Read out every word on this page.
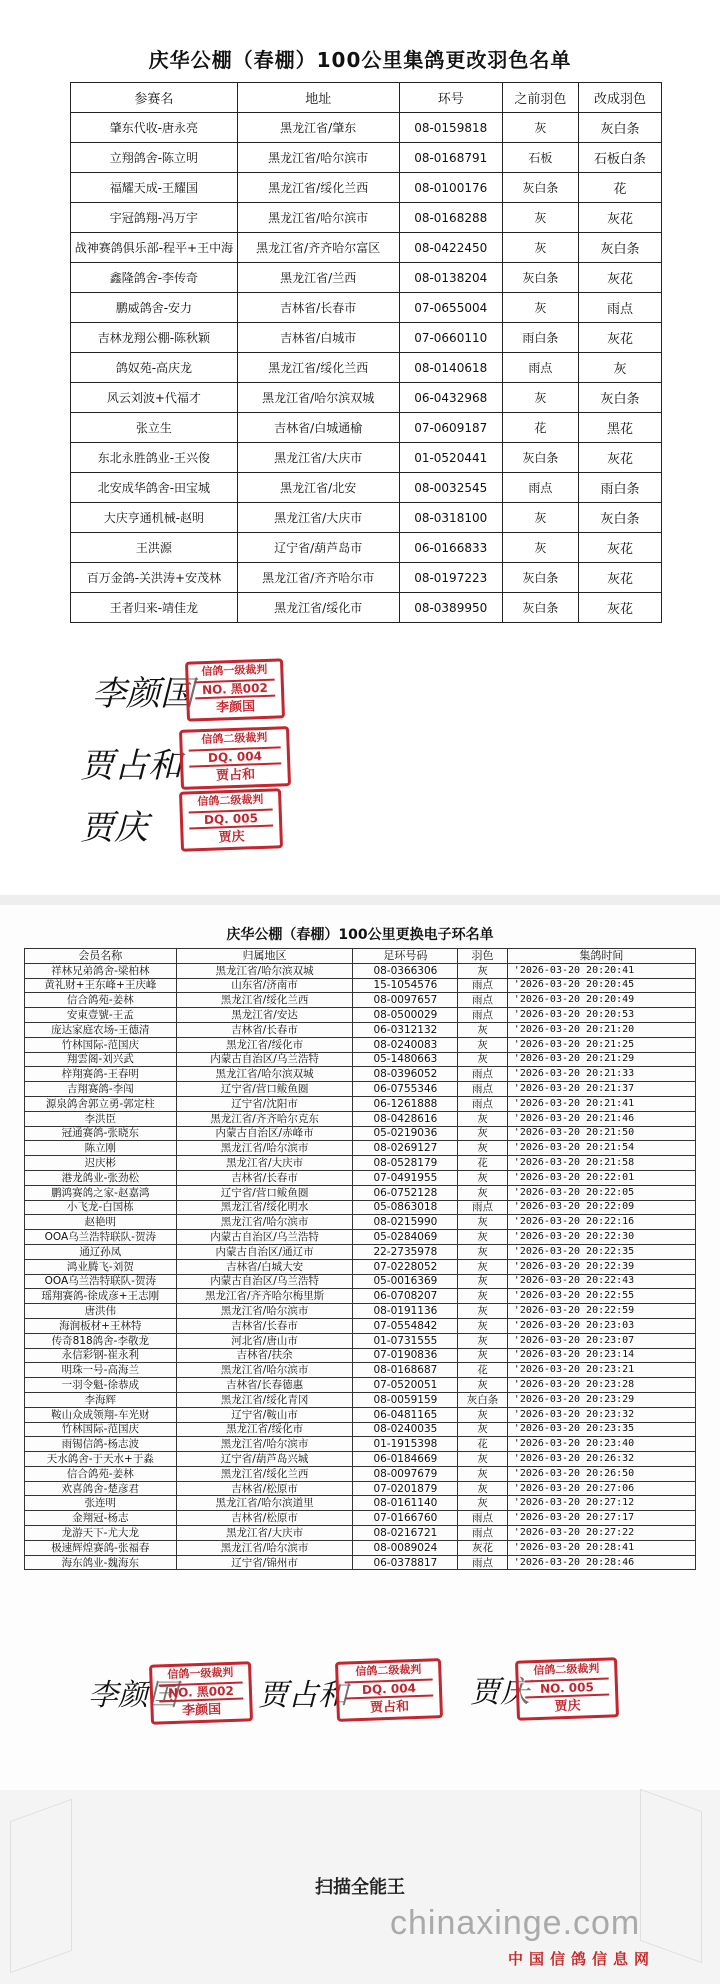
庆华公棚（春棚）100公里集鸽更改羽色名单
参赛名	地址	环号	之前羽色	改成羽色
肇东代收-唐永亮	黑龙江省/肇东	08-0159818	灰	灰白条
立翔鸽舍-陈立明	黑龙江省/哈尔滨市	08-0168791	石板	石板白条
福耀天成-王耀国	黑龙江省/绥化兰西	08-0100176	灰白条	花
宇冠鸽翔-冯万宇	黑龙江省/哈尔滨市	08-0168288	灰	灰花
战神赛鸽俱乐部-程平+王中海	黑龙江省/齐齐哈尔富区	08-0422450	灰	灰白条
鑫隆鸽舍-李传奇	黑龙江省/兰西	08-0138204	灰白条	灰花
鹏威鸽舍-安力	吉林省/长春市	07-0655004	灰	雨点
吉林龙翔公棚-陈秋颖	吉林省/白城市	07-0660110	雨白条	灰花
鸽奴苑-高庆龙	黑龙江省/绥化兰西	08-0140618	雨点	灰
风云刘波+代福才	黑龙江省/哈尔滨双城	06-0432968	灰	灰白条
张立生	吉林省/白城通榆	07-0609187	花	黑花
东北永胜鸽业-王兴俊	黑龙江省/大庆市	01-0520441	灰白条	灰花
北安成华鸽舍-田宝城	黑龙江省/北安	08-0032545	雨点	雨白条
大庆亨通机械-赵明	黑龙江省/大庆市	08-0318100	灰	灰白条
王洪源	辽宁省/葫芦岛市	06-0166833	灰	灰花
百万金鸽-关洪涛+安茂林	黑龙江省/齐齐哈尔市	08-0197223	灰白条	灰花
王者归来-靖佳龙	黑龙江省/绥化市	08-0389950	灰白条	灰花
李颜国
信鸽一级裁判
NO. 黑002
李颜国
贾占和
信鸽二级裁判
DQ. 004
贾占和
贾庆
信鸽二级裁判
DQ. 005
贾庆
庆华公棚（春棚）100公里更换电子环名单
会员名称	归属地区	足环号码	羽色	集鸽时间
祥林兄弟鸽舍-梁柏林	黑龙江省/哈尔滨双城	08-0366306	灰	'2026-03-20 20:20:41
黄礼财+王东峰+王庆峰	山东省/济南市	15-1054576	雨点	'2026-03-20 20:20:45
信合鸽苑-姜林	黑龙江省/绥化兰西	08-0097657	雨点	'2026-03-20 20:20:49
安東壹號-王孟	黑龙江省/安达	08-0500029	雨点	'2026-03-20 20:20:53
庞达家庭农场-王德清	吉林省/长春市	06-0312132	灰	'2026-03-20 20:21:20
竹林国际-范国庆	黑龙江省/绥化市	08-0240083	灰	'2026-03-20 20:21:25
翔雲阁-刘兴武	内蒙古自治区/乌兰浩特	05-1480663	灰	'2026-03-20 20:21:29
梓翔赛鸽-王春明	黑龙江省/哈尔滨双城	08-0396052	雨点	'2026-03-20 20:21:33
吉翔赛鸽-李闯	辽宁省/营口鲅鱼圈	06-0755346	雨点	'2026-03-20 20:21:37
源泉鸽舍郭立勇-郭定柱	辽宁省/沈阳市	06-1261888	雨点	'2026-03-20 20:21:41
李洪臣	黑龙江省/齐齐哈尔克东	08-0428616	灰	'2026-03-20 20:21:46
冠通赛鸽-张晓东	内蒙古自治区/赤峰市	05-0219036	灰	'2026-03-20 20:21:50
陈立刚	黑龙江省/哈尔滨市	08-0269127	灰	'2026-03-20 20:21:54
迟庆彬	黑龙江省/大庆市	08-0528179	花	'2026-03-20 20:21:58
港龙鸽业-张劲松	吉林省/长春市	07-0491955	灰	'2026-03-20 20:22:01
鹏鸿赛鸽之家-赵嘉鸿	辽宁省/营口鲅鱼圈	06-0752128	灰	'2026-03-20 20:22:05
小飞龙-白国栋	黑龙江省/绥化明水	05-0863018	雨点	'2026-03-20 20:22:09
赵艳明	黑龙江省/哈尔滨市	08-0215990	灰	'2026-03-20 20:22:16
OOA乌兰浩特联队-贺涛	内蒙古自治区/乌兰浩特	05-0284069	灰	'2026-03-20 20:22:30
通辽孙凤	内蒙古自治区/通辽市	22-2735978	灰	'2026-03-20 20:22:35
鸿业腾飞-刘贺	吉林省/白城大安	07-0228052	灰	'2026-03-20 20:22:39
OOA乌兰浩特联队-贺涛	内蒙古自治区/乌兰浩特	05-0016369	灰	'2026-03-20 20:22:43
瑶翔赛鸽-徐成彦+王志刚	黑龙江省/齐齐哈尔梅里斯	06-0708207	灰	'2026-03-20 20:22:55
唐洪伟	黑龙江省/哈尔滨市	08-0191136	灰	'2026-03-20 20:22:59
海润板材+王林特	吉林省/长春市	07-0554842	灰	'2026-03-20 20:23:03
传奇818鸽舍-李敬龙	河北省/唐山市	01-0731555	灰	'2026-03-20 20:23:07
永信彩钢-崔永利	吉林省/扶余	07-0190836	灰	'2026-03-20 20:23:14
明珠一号-高海兰	黑龙江省/哈尔滨市	08-0168687	花	'2026-03-20 20:23:21
一羽令魁-徐恭成	吉林省/长春德惠	07-0520051	灰	'2026-03-20 20:23:28
李海辉	黑龙江省/绥化青冈	08-0059159	灰白条	'2026-03-20 20:23:29
鞍山众成领翔-车光财	辽宁省/鞍山市	06-0481165	灰	'2026-03-20 20:23:32
竹林国际-范国庆	黑龙江省/绥化市	08-0240035	灰	'2026-03-20 20:23:35
雨锡信鸽-杨志波	黑龙江省/哈尔滨市	01-1915398	花	'2026-03-20 20:23:40
天水鸽舍-于天水+于淼	辽宁省/葫芦岛兴城	06-0184669	灰	'2026-03-20 20:26:32
信合鸽苑-姜林	黑龙江省/绥化兰西	08-0097679	灰	'2026-03-20 20:26:50
欢喜鸽舍-楚彦君	吉林省/松原市	07-0201879	灰	'2026-03-20 20:27:06
张连明	黑龙江省/哈尔滨道里	08-0161140	灰	'2026-03-20 20:27:12
金翔冠-杨志	吉林省/松原市	07-0166760	雨点	'2026-03-20 20:27:17
龙游天下-尤大龙	黑龙江省/大庆市	08-0216721	雨点	'2026-03-20 20:27:22
极速辉煌赛鸽-张福春	黑龙江省/哈尔滨市	08-0089024	灰花	'2026-03-20 20:28:41
海东鸽业-魏海东	辽宁省/锦州市	06-0378817	雨点	'2026-03-20 20:28:46
李颜国
信鸽一级裁判
NO. 黑002
李颜国	贾占和
信鸽二级裁判
DQ. 004
贾占和	贾庆
信鸽二级裁判
NO. 005
贾庆
扫描全能王
chinaxinge.com
中国信鸽信息网
